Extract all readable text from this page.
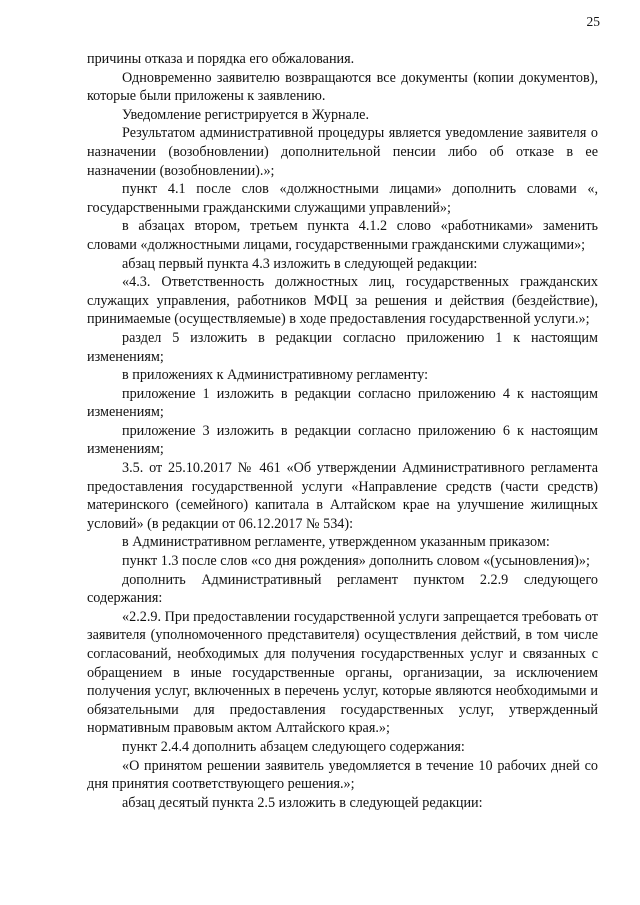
25

причины отказа и порядка его обжалования.

Одновременно заявителю возвращаются все документы (копии документов), которые были приложены к заявлению.

Уведомление регистрируется в Журнале.

Результатом административной процедуры является уведомление заявителя о назначении (возобновлении) дополнительной пенсии либо об отказе в ее назначении (возобновлении).»;

пункт 4.1 после слов «должностными лицами» дополнить словами «, государственными гражданскими служащими управлений»;

в абзацах втором, третьем пункта 4.1.2 слово «работниками» заменить словами «должностными лицами, государственными гражданскими служащими»;

абзац первый пункта 4.3 изложить в следующей редакции:

«4.3. Ответственность должностных лиц, государственных гражданских служащих управления, работников МФЦ за решения и действия (бездействие), принимаемые (осуществляемые) в ходе предоставления государственной услуги.»;

раздел 5 изложить в редакции согласно приложению 1 к настоящим изменениям;

в приложениях к Административному регламенту:

приложение 1 изложить в редакции согласно приложению 4 к настоящим изменениям;

приложение 3 изложить в редакции согласно приложению 6 к настоящим изменениям;

3.5. от 25.10.2017 № 461 «Об утверждении Административного регламента предоставления государственной услуги «Направление средств (части средств) материнского (семейного) капитала в Алтайском крае на улучшение жилищных условий» (в редакции от 06.12.2017 № 534):

в Административном регламенте, утвержденном указанным приказом:

пункт 1.3 после слов «со дня рождения» дополнить словом «(усыновления)»;

дополнить Административный регламент пунктом 2.2.9 следующего содержания:

«2.2.9. При предоставлении государственной услуги запрещается требовать от заявителя (уполномоченного представителя) осуществления действий, в том числе согласований, необходимых для получения государственных услуг и связанных с обращением в иные государственные органы, организации, за исключением получения услуг, включенных в перечень услуг, которые являются необходимыми и обязательными для предоставления государственных услуг, утвержденный нормативным правовым актом Алтайского края.»;

пункт 2.4.4 дополнить абзацем следующего содержания:

«О принятом решении заявитель уведомляется в течение 10 рабочих дней со дня принятия соответствующего решения.»;

абзац десятый пункта 2.5 изложить в следующей редакции:
